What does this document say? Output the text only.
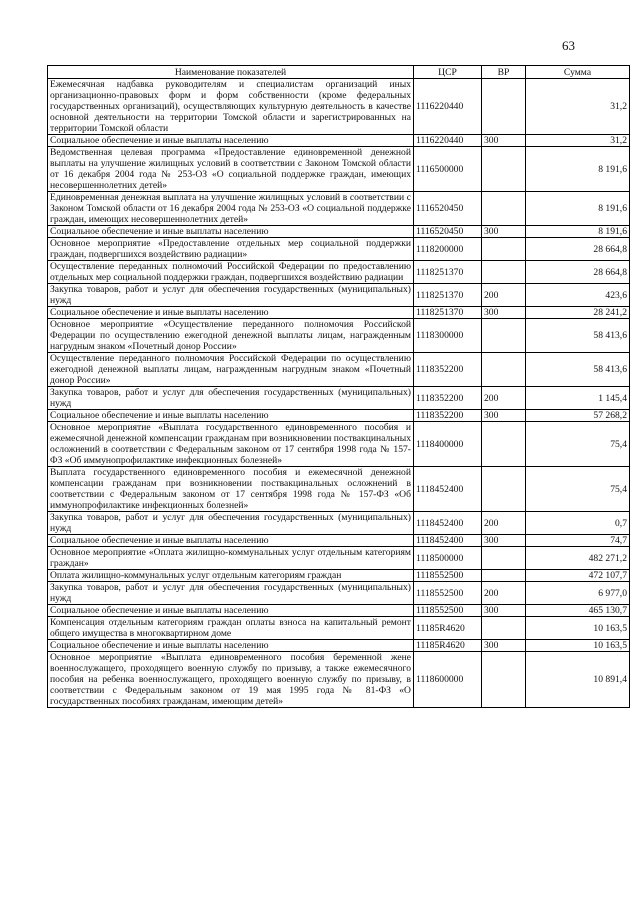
63
Наименование показателей	ЦСР	ВР	Сумма
Ежемесячная надбавка руководителям и специалистам организаций иных организационно-правовых форм и форм собственности (кроме федеральных государственных организаций), осуществляющих культурную деятельность в качестве основной деятельности на территории Томской области и зарегистрированных на территории Томской области	1116220440		31,2
Социальное обеспечение и иные выплаты населению	1116220440	300	31,2
Ведомственная целевая программа «Предоставление единовременной денежной выплаты на улучшение жилищных условий в соответствии с Законом Томской области от 16 декабря 2004 года № 253-ОЗ «О социальной поддержке граждан, имеющих несовершеннолетних детей»	1116500000		8 191,6
Единовременная денежная выплата на улучшение жилищных условий в соответствии с Законом Томской области от 16 декабря 2004 года № 253-ОЗ «О социальной поддержке граждан, имеющих несовершеннолетних детей»	1116520450		8 191,6
Социальное обеспечение и иные выплаты населению	1116520450	300	8 191,6
Основное мероприятие «Предоставление отдельных мер социальной поддержки граждан, подвергшихся воздействию радиации»	1118200000		28 664,8
Осуществление переданных полномочий Российской Федерации по предоставлению отдельных мер социальной поддержки граждан, подвергшихся воздействию радиации	1118251370		28 664,8
Закупка товаров, работ и услуг для обеспечения государственных (муниципальных) нужд	1118251370	200	423,6
Социальное обеспечение и иные выплаты населению	1118251370	300	28 241,2
Основное мероприятие «Осуществление переданного полномочия Российской Федерации по осуществлению ежегодной денежной выплаты лицам, награжденным нагрудным знаком «Почетный донор России»	1118300000		58 413,6
Осуществление переданного полномочия Российской Федерации по осуществлению ежегодной денежной выплаты лицам, награжденным нагрудным знаком «Почетный донор России»	1118352200		58 413,6
Закупка товаров, работ и услуг для обеспечения государственных (муниципальных) нужд	1118352200	200	1 145,4
Социальное обеспечение и иные выплаты населению	1118352200	300	57 268,2
Основное мероприятие «Выплата государственного единовременного пособия и ежемесячной денежной компенсации гражданам при возникновении поствакцинальных осложнений в соответствии с Федеральным законом от 17 сентября 1998 года № 157-ФЗ «Об иммунопрофилактике инфекционных болезней»	1118400000		75,4
Выплата государственного единовременного пособия и ежемесячной денежной компенсации гражданам при возникновении поствакцинальных осложнений в соответствии с Федеральным законом от 17 сентября 1998 года № 157-ФЗ «Об иммунопрофилактике инфекционных болезней»	1118452400		75,4
Закупка товаров, работ и услуг для обеспечения государственных (муниципальных) нужд	1118452400	200	0,7
Социальное обеспечение и иные выплаты населению	1118452400	300	74,7
Основное мероприятие «Оплата жилищно-коммунальных услуг отдельным категориям граждан»	1118500000		482 271,2
Оплата жилищно-коммунальных услуг отдельным категориям граждан	1118552500		472 107,7
Закупка товаров, работ и услуг для обеспечения государственных (муниципальных) нужд	1118552500	200	6 977,0
Социальное обеспечение и иные выплаты населению	1118552500	300	465 130,7
Компенсация отдельным категориям граждан оплаты взноса на капитальный ремонт общего имущества в многоквартирном доме	11185R4620		10 163,5
Социальное обеспечение и иные выплаты населению	11185R4620	300	10 163,5
Основное мероприятие «Выплата единовременного пособия беременной жене военнослужащего, проходящего военную службу по призыву, а также ежемесячного пособия на ребенка военнослужащего, проходящего военную службу по призыву, в соответствии с Федеральным законом от 19 мая 1995 года № 81-ФЗ «О государственных пособиях гражданам, имеющим детей»	1118600000		10 891,4
